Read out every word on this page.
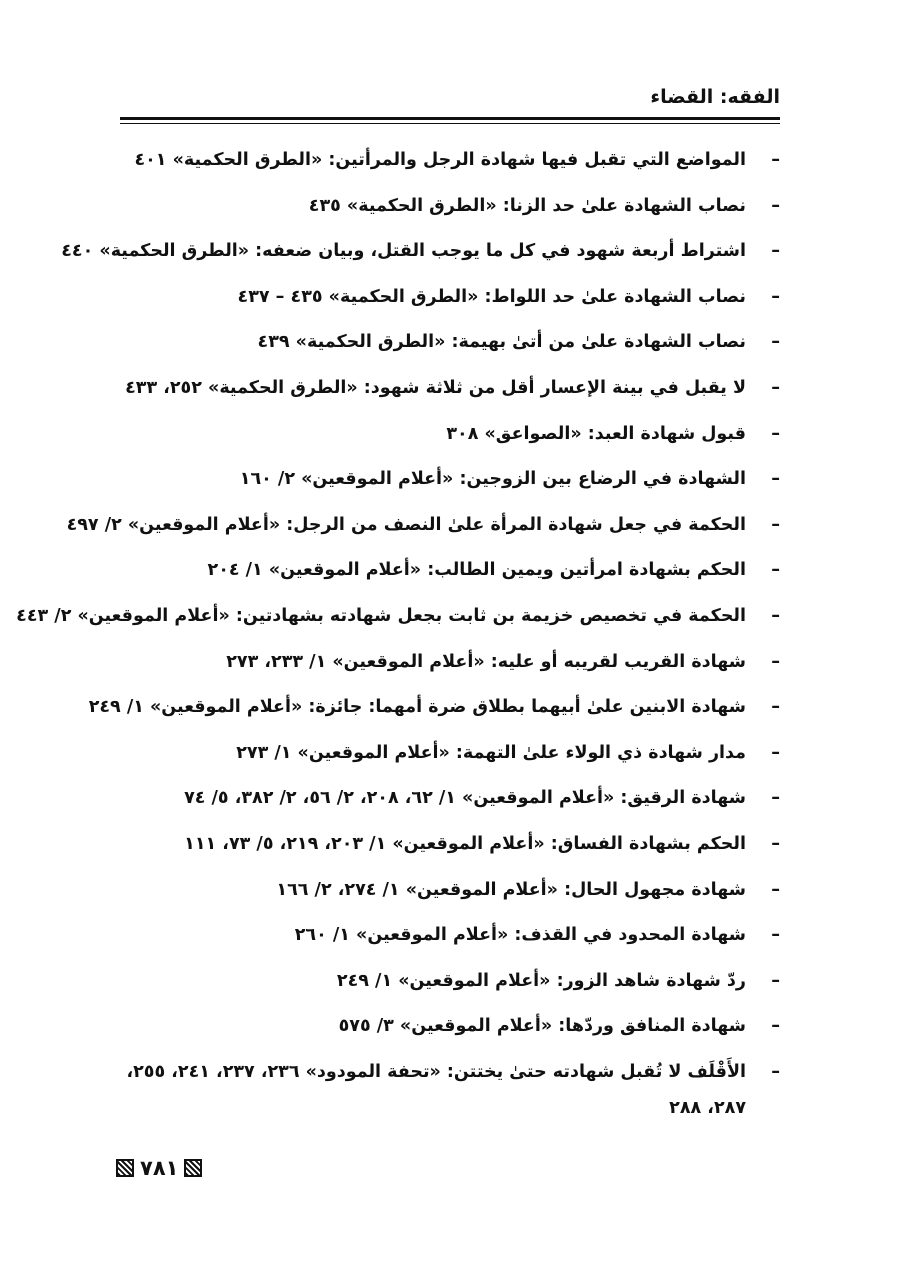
الفقه: القضاء
–
المواضع التي تقبل فيها شهادة الرجل والمرأتين: «الطرق الحكمية» ٤٠١
–
نصاب الشهادة علىٰ حد الزنا: «الطرق الحكمية» ٤٣٥
–
اشتراط أربعة شهود في كل ما يوجب القتل، وبيان ضعفه: «الطرق الحكمية» ٤٤٠
–
نصاب الشهادة علىٰ حد اللواط: «الطرق الحكمية» ٤٣٥ – ٤٣٧
–
نصاب الشهادة علىٰ من أتىٰ بهيمة: «الطرق الحكمية» ٤٣٩
–
لا يقبل في بينة الإعسار أقل من ثلاثة شهود: «الطرق الحكمية» ٢٥٢، ٤٣٣
–
قبول شهادة العبد: «الصواعق» ٣٠٨
–
الشهادة في الرضاع بين الزوجين: «أعلام الموقعين» ٢/ ١٦٠
–
الحكمة في جعل شهادة المرأة علىٰ النصف من الرجل: «أعلام الموقعين» ٢/ ٤٩٧
–
الحكم بشهادة امرأتين ويمين الطالب: «أعلام الموقعين» ١/ ٢٠٤
–
الحكمة في تخصيص خزيمة بن ثابت بجعل شهادته بشهادتين: «أعلام الموقعين» ٢/ ٤٤٣
–
شهادة القريب لقريبه أو عليه: «أعلام الموقعين» ١/ ٢٣٣، ٢٧٣
–
شهادة الابنين علىٰ أبيهما بطلاق ضرة أمهما: جائزة: «أعلام الموقعين» ١/ ٢٤٩
–
مدار شهادة ذي الولاء علىٰ التهمة: «أعلام الموقعين» ١/ ٢٧٣
–
شهادة الرقيق: «أعلام الموقعين» ١/ ٦٢، ٢٠٨، ٢/ ٥٦، ٢/ ٣٨٢، ٥/ ٧٤
–
الحكم بشهادة الفساق: «أعلام الموقعين» ١/ ٢٠٣، ٢١٩، ٥/ ٧٣، ١١١
–
شهادة مجهول الحال: «أعلام الموقعين» ١/ ٢٧٤، ٢/ ١٦٦
–
شهادة المحدود في القذف: «أعلام الموقعين» ١/ ٢٦٠
–
ردّ شهادة شاهد الزور: «أعلام الموقعين» ١/ ٢٤٩
–
شهادة المنافق وردّها: «أعلام الموقعين» ٣/ ٥٧٥
–
الأَقْلَف لا تُقبل شهادته حتىٰ يختتن: «تحفة المودود» ٢٣٦، ٢٣٧، ٢٤١، ٢٥٥، ٢٨٧، ٢٨٨
٧٨١
